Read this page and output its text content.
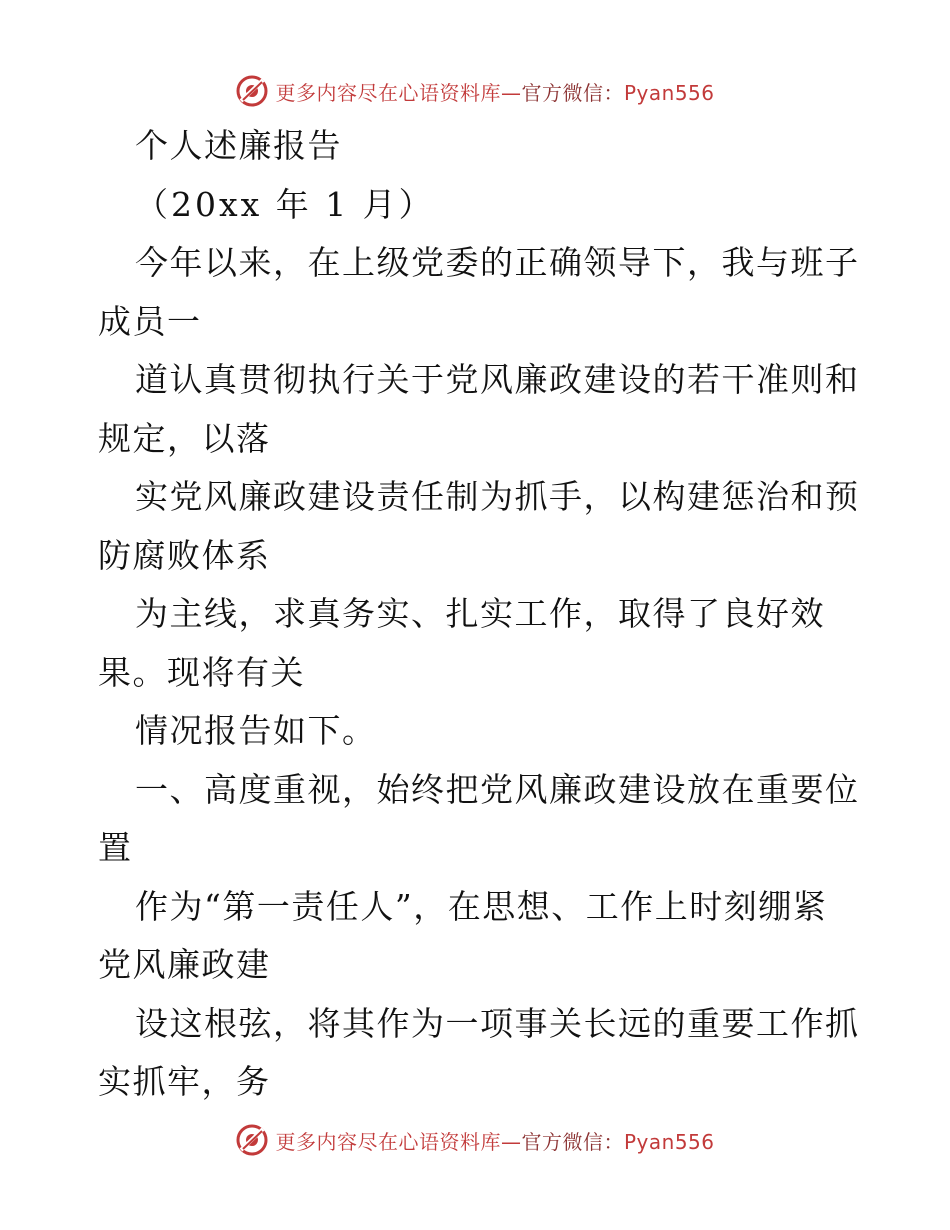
更多内容尽在心语资料库—官方微信：Pyan556
个人述廉报告
（20xx 年 1 月）
今年以来，在上级党委的正确领导下，我与班子
成员一
道认真贯彻执行关于党风廉政建设的若干准则和
规定，以落
实党风廉政建设责任制为抓手，以构建惩治和预
防腐败体系
为主线，求真务实、扎实工作，取得了良好效
果。现将有关
情况报告如下。
一、高度重视，始终把党风廉政建设放在重要位
置
作为“第一责任人”，在思想、工作上时刻绷紧
党风廉政建
设这根弦，将其作为一项事关长远的重要工作抓
实抓牢，务
更多内容尽在心语资料库—官方微信：Pyan556
